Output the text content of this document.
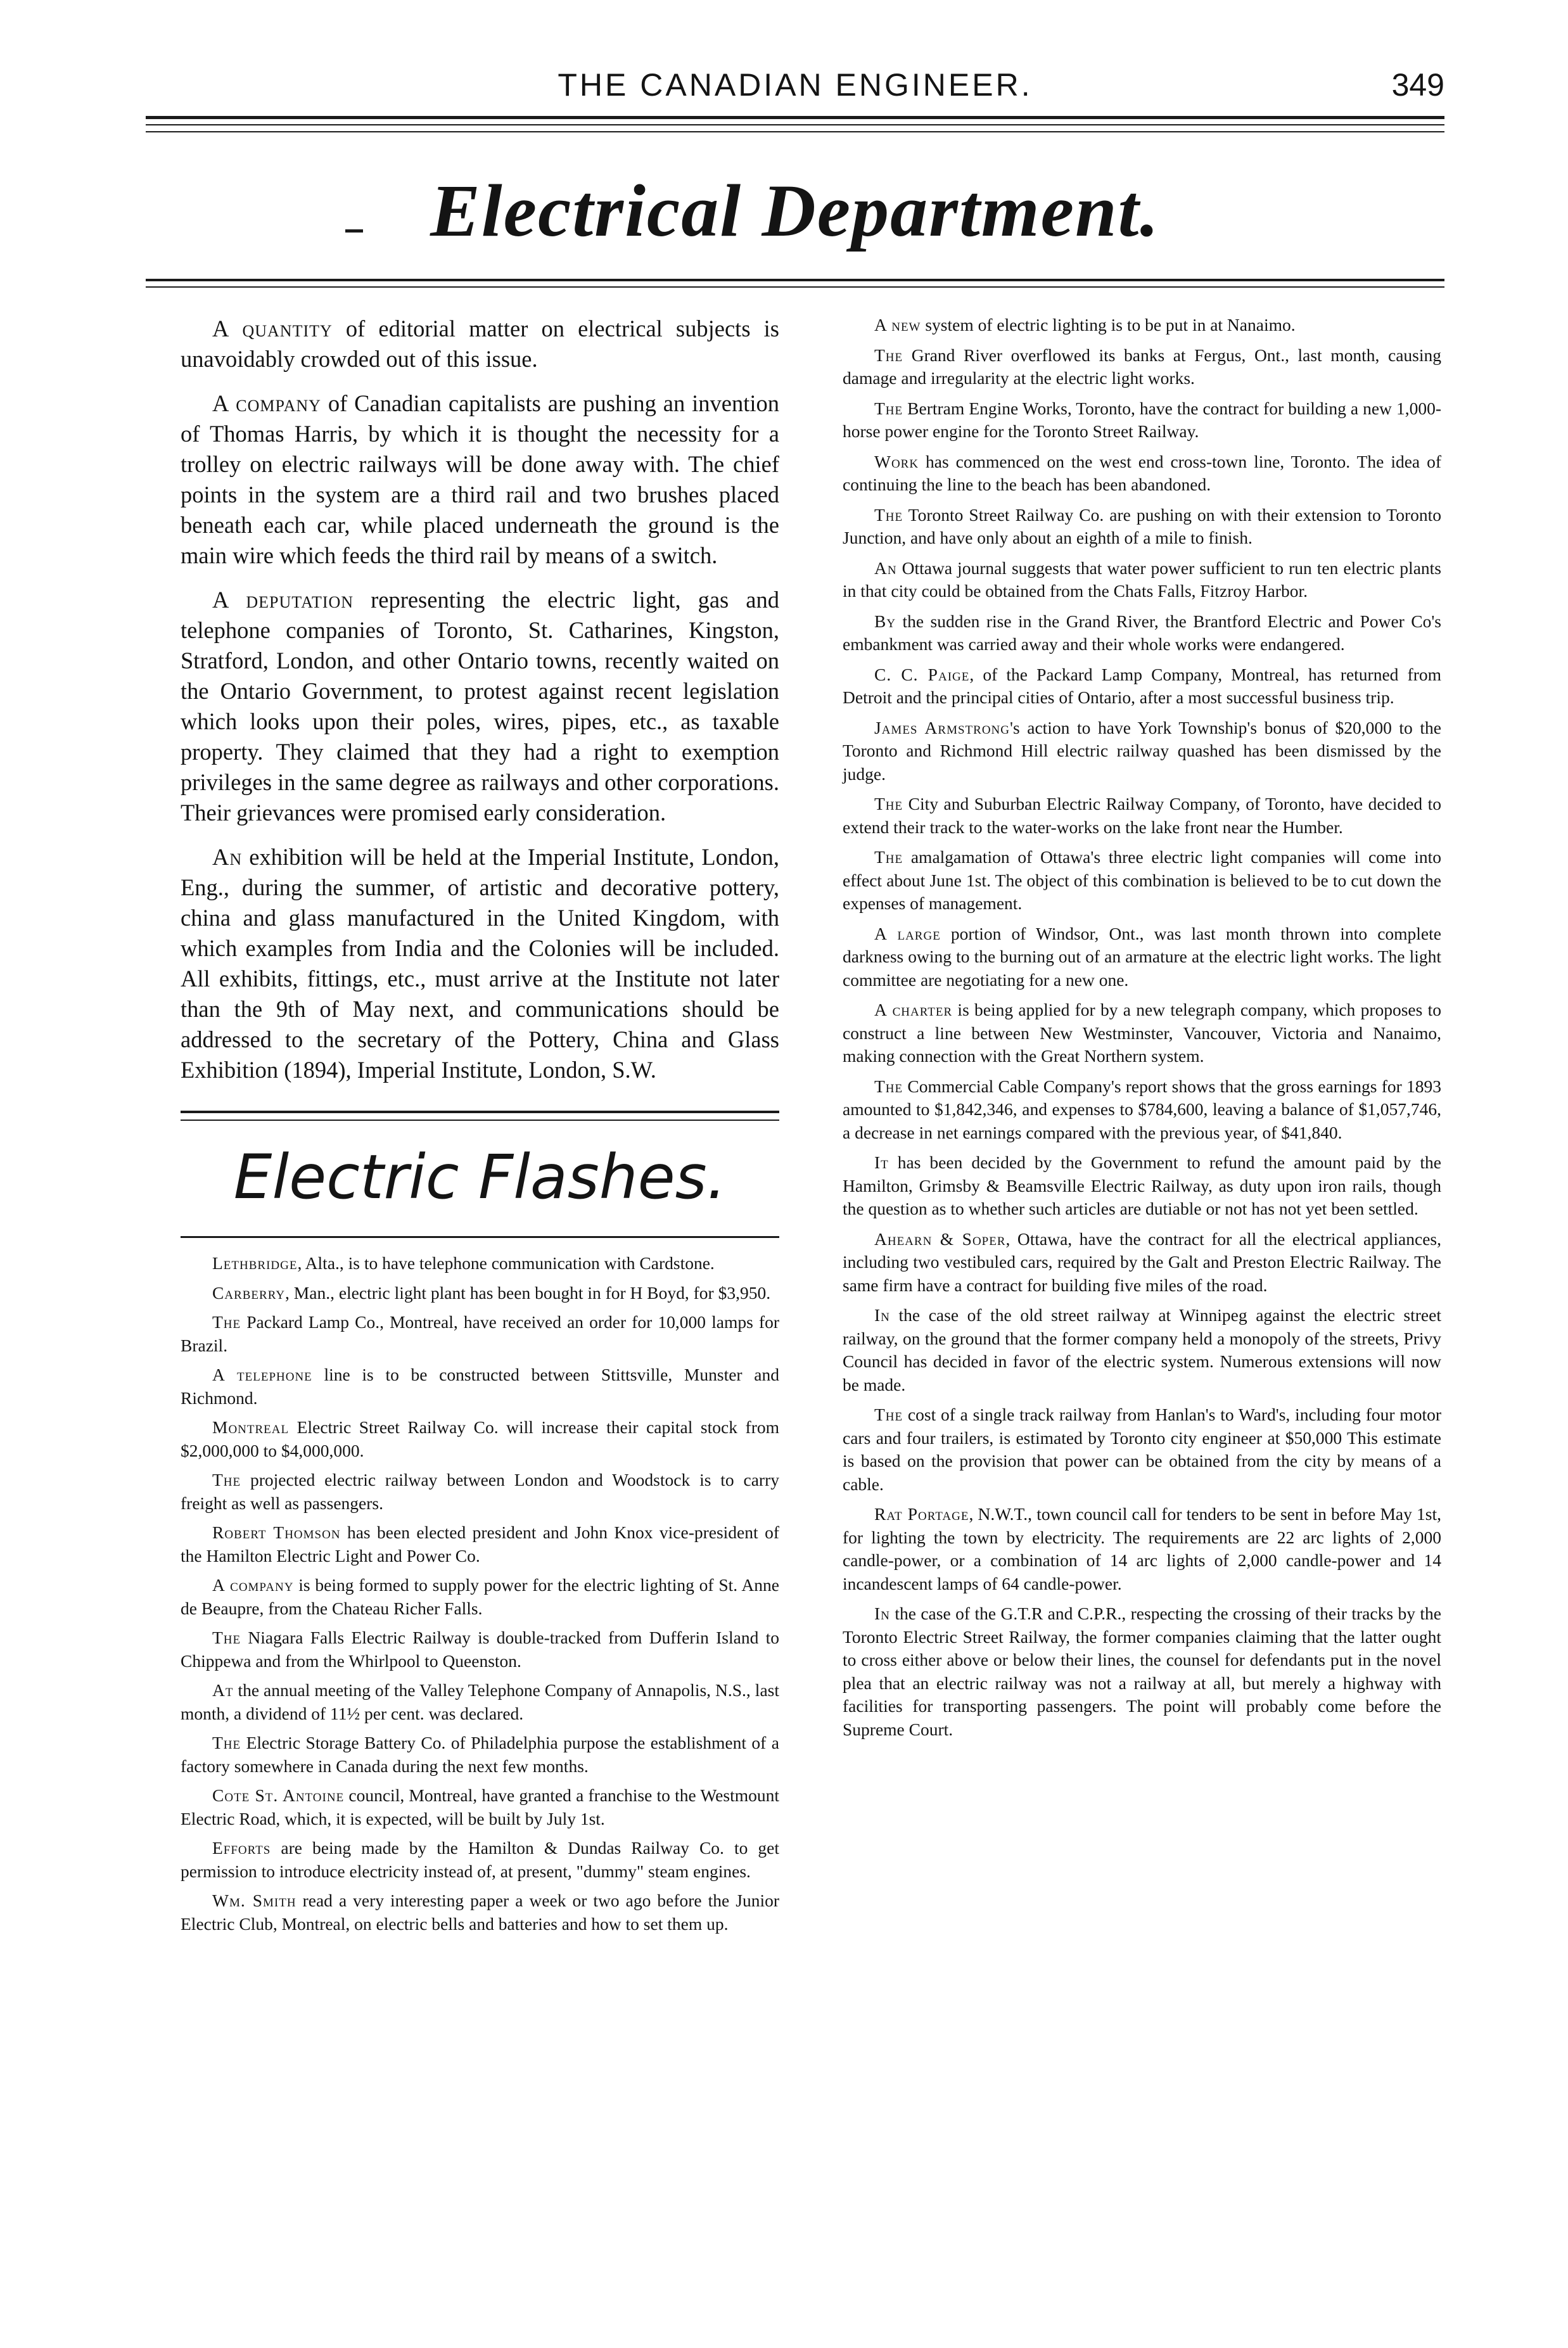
THE CANADIAN ENGINEER.	349
Electrical Department.

A quantity of editorial matter on electrical subjects is unavoidably crowded out of this issue.

A company of Canadian capitalists are pushing an invention of Thomas Harris, by which it is thought the necessity for a trolley on electric railways will be done away with. The chief points in the system are a third rail and two brushes placed beneath each car, while placed underneath the ground is the main wire which feeds the third rail by means of a switch.

A deputation representing the electric light, gas and telephone companies of Toronto, St. Catharines, Kingston, Stratford, London, and other Ontario towns, recently waited on the Ontario Government, to protest against recent legislation which looks upon their poles, wires, pipes, etc., as taxable property. They claimed that they had a right to exemption privileges in the same degree as railways and other corporations. Their grievances were promised early consideration.

An exhibition will be held at the Imperial Institute, London, Eng., during the summer, of artistic and decorative pottery, china and glass manufactured in the United Kingdom, with which examples from India and the Colonies will be included. All exhibits, fittings, etc., must arrive at the Institute not later than the 9th of May next, and communications should be addressed to the secretary of the Pottery, China and Glass Exhibition (1894), Imperial Institute, London, S.W.

Electric Flashes.

Lethbridge, Alta., is to have telephone communication with Cardstone.

Carberry, Man., electric light plant has been bought in for H Boyd, for $3,950.

The Packard Lamp Co., Montreal, have received an order for 10,000 lamps for Brazil.

A telephone line is to be constructed between Stittsville, Munster and Richmond.

Montreal Electric Street Railway Co. will increase their capital stock from $2,000,000 to $4,000,000.

The projected electric railway between London and Woodstock is to carry freight as well as passengers.

Robert Thomson has been elected president and John Knox vice-president of the Hamilton Electric Light and Power Co.

A company is being formed to supply power for the electric lighting of St. Anne de Beaupre, from the Chateau Richer Falls.

The Niagara Falls Electric Railway is double-tracked from Dufferin Island to Chippewa and from the Whirlpool to Queenston.

At the annual meeting of the Valley Telephone Company of Annapolis, N.S., last month, a dividend of 11½ per cent. was declared.

The Electric Storage Battery Co. of Philadelphia purpose the establishment of a factory somewhere in Canada during the next few months.

Cote St. Antoine council, Montreal, have granted a franchise to the Westmount Electric Road, which, it is expected, will be built by July 1st.

Efforts are being made by the Hamilton & Dundas Railway Co. to get permission to introduce electricity instead of, at present, "dummy" steam engines.

Wm. Smith read a very interesting paper a week or two ago before the Junior Electric Club, Montreal, on electric bells and batteries and how to set them up.

A new system of electric lighting is to be put in at Nanaimo.

The Grand River overflowed its banks at Fergus, Ont., last month, causing damage and irregularity at the electric light works.

The Bertram Engine Works, Toronto, have the contract for building a new 1,000-horse power engine for the Toronto Street Railway.

Work has commenced on the west end cross-town line, Toronto. The idea of continuing the line to the beach has been abandoned.

The Toronto Street Railway Co. are pushing on with their extension to Toronto Junction, and have only about an eighth of a mile to finish.

An Ottawa journal suggests that water power sufficient to run ten electric plants in that city could be obtained from the Chats Falls, Fitzroy Harbor.

By the sudden rise in the Grand River, the Brantford Electric and Power Co's embankment was carried away and their whole works were endangered.

C. C. Paige, of the Packard Lamp Company, Montreal, has returned from Detroit and the principal cities of Ontario, after a most successful business trip.

James Armstrong's action to have York Township's bonus of $20,000 to the Toronto and Richmond Hill electric railway quashed has been dismissed by the judge.

The City and Suburban Electric Railway Company, of Toronto, have decided to extend their track to the water-works on the lake front near the Humber.

The amalgamation of Ottawa's three electric light companies will come into effect about June 1st. The object of this combination is believed to be to cut down the expenses of management.

A large portion of Windsor, Ont., was last month thrown into complete darkness owing to the burning out of an armature at the electric light works. The light committee are negotiating for a new one.

A charter is being applied for by a new telegraph company, which proposes to construct a line between New Westminster, Vancouver, Victoria and Nanaimo, making connection with the Great Northern system.

The Commercial Cable Company's report shows that the gross earnings for 1893 amounted to $1,842,346, and expenses to $784,600, leaving a balance of $1,057,746, a decrease in net earnings compared with the previous year, of $41,840.

It has been decided by the Government to refund the amount paid by the Hamilton, Grimsby & Beamsville Electric Railway, as duty upon iron rails, though the question as to whether such articles are dutiable or not has not yet been settled.

Ahearn & Soper, Ottawa, have the contract for all the electrical appliances, including two vestibuled cars, required by the Galt and Preston Electric Railway. The same firm have a contract for building five miles of the road.

In the case of the old street railway at Winnipeg against the electric street railway, on the ground that the former company held a monopoly of the streets, Privy Council has decided in favor of the electric system. Numerous extensions will now be made.

The cost of a single track railway from Hanlan's to Ward's, including four motor cars and four trailers, is estimated by Toronto city engineer at $50,000 This estimate is based on the provision that power can be obtained from the city by means of a cable.

Rat Portage, N.W.T., town council call for tenders to be sent in before May 1st, for lighting the town by electricity. The requirements are 22 arc lights of 2,000 candle-power, or a combination of 14 arc lights of 2,000 candle-power and 14 incandescent lamps of 64 candle-power.

In the case of the G.T.R and C.P.R., respecting the crossing of their tracks by the Toronto Electric Street Railway, the former companies claiming that the latter ought to cross either above or below their lines, the counsel for defendants put in the novel plea that an electric railway was not a railway at all, but merely a highway with facilities for transporting passengers. The point will probably come before the Supreme Court.
